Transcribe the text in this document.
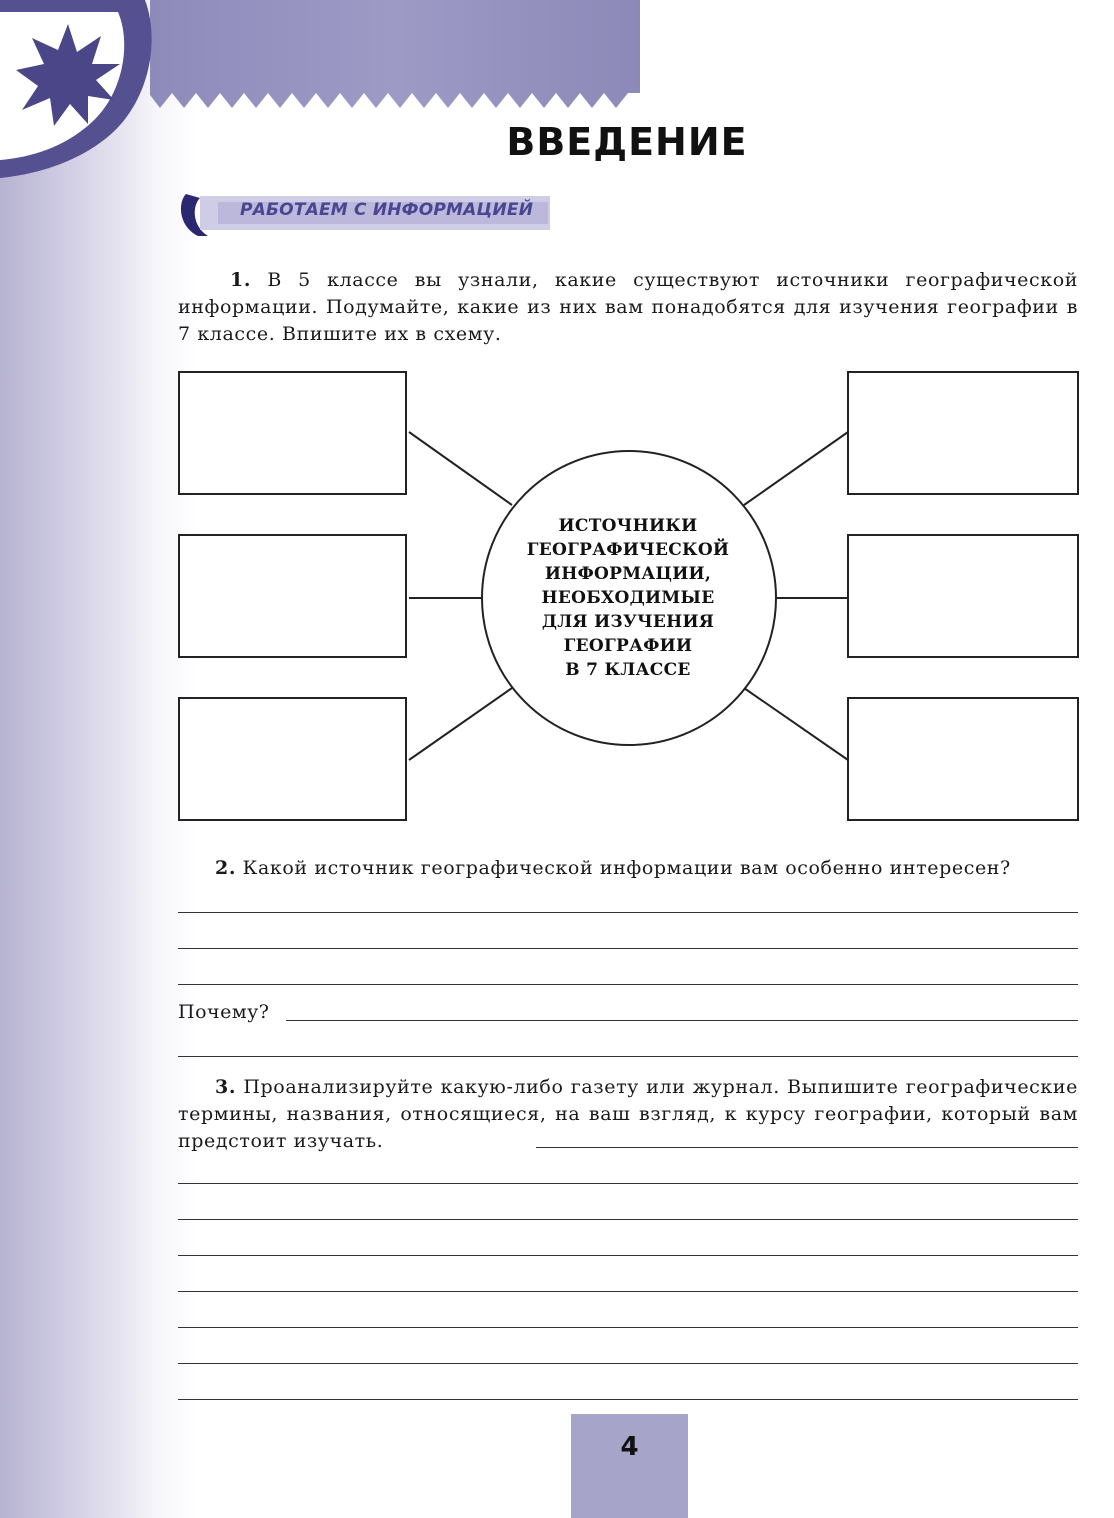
ВВЕДЕНИЕ
РАБОТАЕМ С ИНФОРМАЦИЕЙ
1. В 5 классе вы узнали, какие существуют источники географической информации. Подумайте, какие из них вам понадобятся для изучения географии в 7 классе. Впишите их в схему.
ИСТОЧНИКИ
ГЕОГРАФИЧЕСКОЙ
ИНФОРМАЦИИ,
НЕОБХОДИМЫЕ
ДЛЯ ИЗУЧЕНИЯ
ГЕОГРАФИИ
В 7 КЛАССЕ
2. Какой источник географической информации вам особенно интересен?
Почему?
3. Проанализируйте какую-либо газету или журнал. Выпишите географические термины, названия, относящиеся, на ваш взгляд, к курсу географии, который вам предстоит изучать.
4
